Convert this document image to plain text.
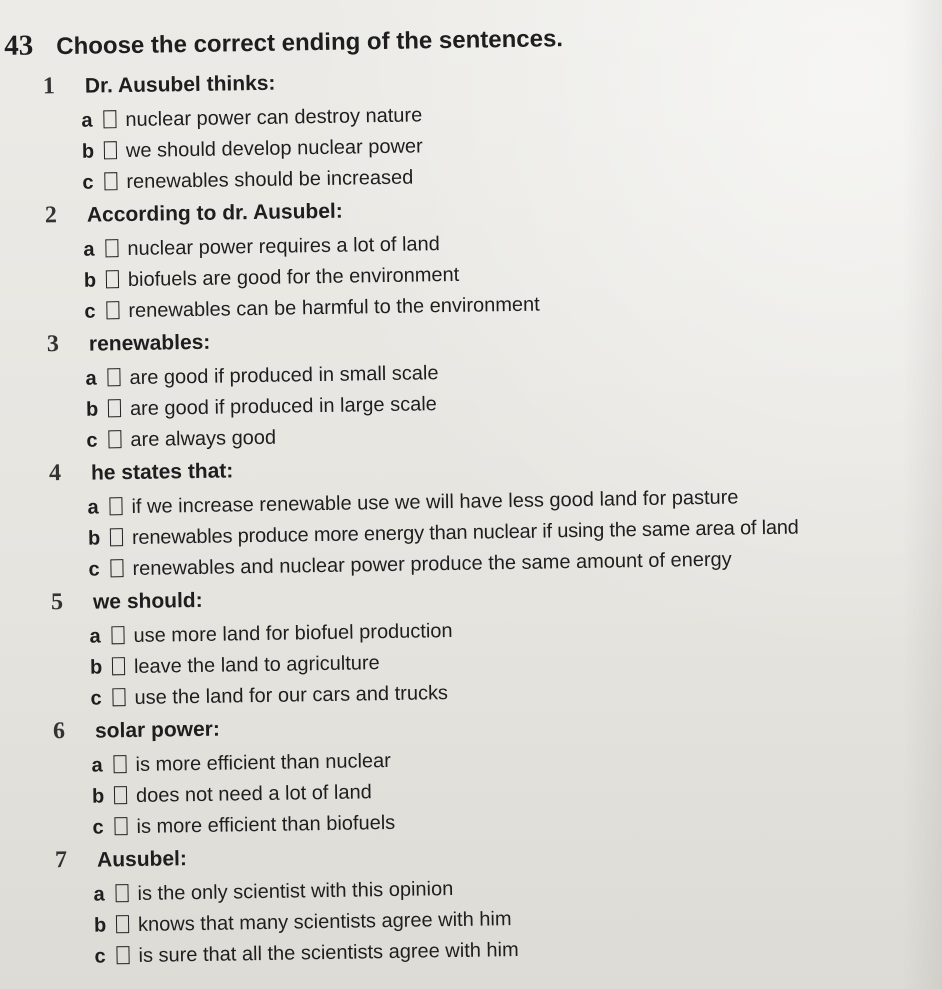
43 Choose the correct ending of the sentences.
1	Dr. Ausubel thinks:
a	nuclear power can destroy nature
b	we should develop nuclear power
c	renewables should be increased
2	According to dr. Ausubel:
a	nuclear power requires a lot of land
b	biofuels are good for the environment
c	renewables can be harmful to the environment
3	renewables:
a	are good if produced in small scale
b	are good if produced in large scale
c	are always good
4	he states that:
a	if we increase renewable use we will have less good land for pasture
b	renewables produce more energy than nuclear if using the same area of land
c	renewables and nuclear power produce the same amount of energy
5	we should:
a	use more land for biofuel production
b	leave the land to agriculture
c	use the land for our cars and trucks
6	solar power:
a	is more efficient than nuclear
b	does not need a lot of land
c	is more efficient than biofuels
7	Ausubel:
a	is the only scientist with this opinion
b	knows that many scientists agree with him
c	is sure that all the scientists agree with him
